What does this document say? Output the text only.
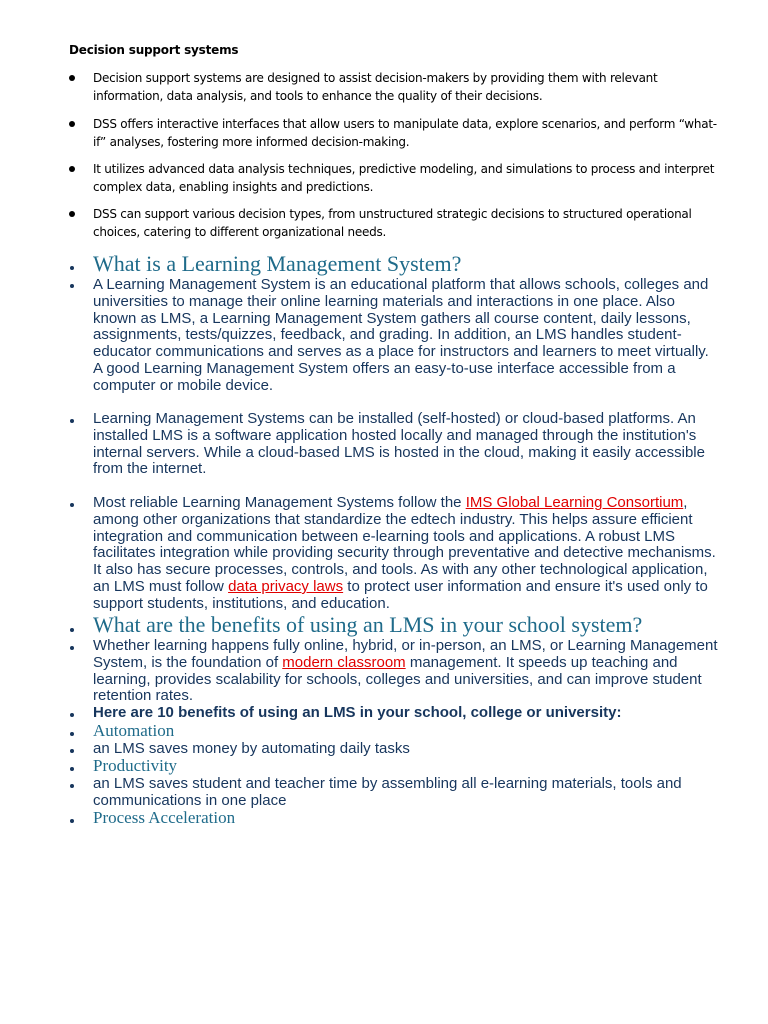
Decision support systems
Decision support systems are designed to assist decision-makers by providing them with relevant information, data analysis, and tools to enhance the quality of their decisions.
DSS offers interactive interfaces that allow users to manipulate data, explore scenarios, and perform “what-if” analyses, fostering more informed decision-making.
It utilizes advanced data analysis techniques, predictive modeling, and simulations to process and interpret complex data, enabling insights and predictions.
DSS can support various decision types, from unstructured strategic decisions to structured operational choices, catering to different organizational needs.
What is a Learning Management System?
A Learning Management System is an educational platform that allows schools, colleges and universities to manage their online learning materials and interactions in one place. Also known as LMS, a Learning Management System gathers all course content, daily lessons, assignments, tests/quizzes, feedback, and grading. In addition, an LMS handles student-educator communications and serves as a place for instructors and learners to meet virtually. A good Learning Management System offers an easy-to-use interface accessible from a computer or mobile device.
Learning Management Systems can be installed (self-hosted) or cloud-based platforms. An installed LMS is a software application hosted locally and managed through the institution's internal servers. While a cloud-based LMS is hosted in the cloud, making it easily accessible from the internet.
Most reliable Learning Management Systems follow the IMS Global Learning Consortium, among other organizations that standardize the edtech industry. This helps assure efficient integration and communication between e-learning tools and applications. A robust LMS facilitates integration while providing security through preventative and detective mechanisms. It also has secure processes, controls, and tools. As with any other technological application, an LMS must follow data privacy laws to protect user information and ensure it's used only to support students, institutions, and education.
What are the benefits of using an LMS in your school system?
Whether learning happens fully online, hybrid, or in-person, an LMS, or Learning Management System, is the foundation of modern classroom management. It speeds up teaching and learning, provides scalability for schools, colleges and universities, and can improve student retention rates.
Here are 10 benefits of using an LMS in your school, college or university:
Automation
an LMS saves money by automating daily tasks
Productivity
an LMS saves student and teacher time by assembling all e-learning materials, tools and communications in one place
Process Acceleration
